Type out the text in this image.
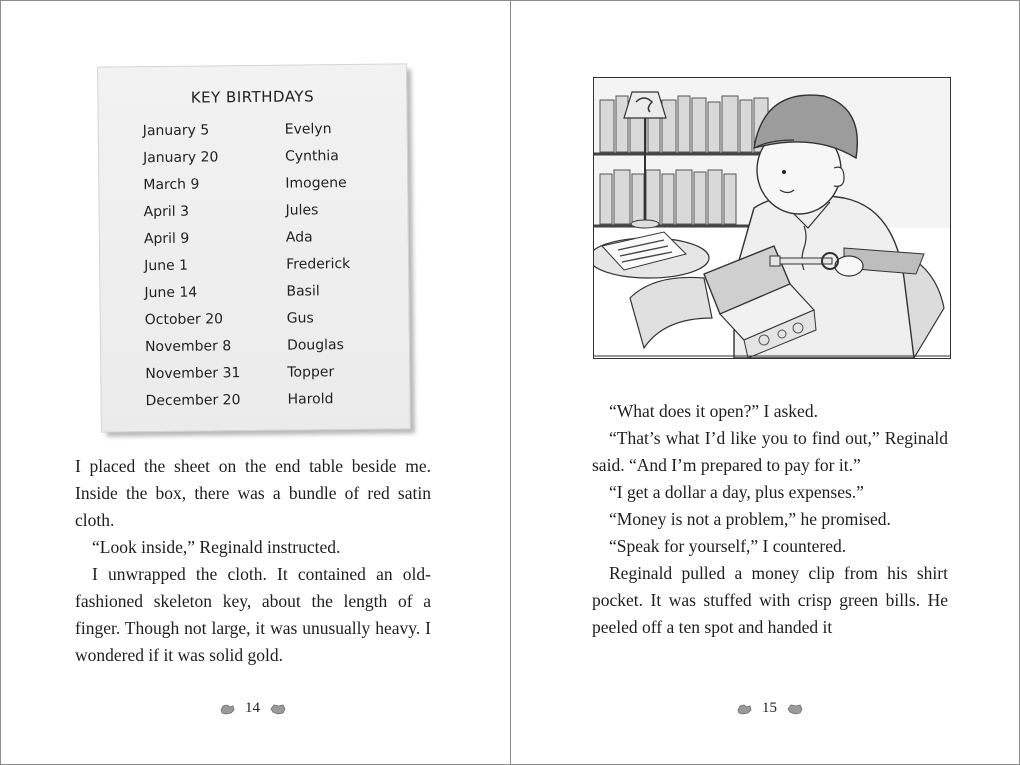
KEY BIRTHDAYS
January 5	Evelyn
January 20	Cynthia
March 9	Imogene
April 3	Jules
April 9	Ada
June 1	Frederick
June 14	Basil
October 20	Gus
November 8	Douglas
November 31	Topper
December 20	Harold

I placed the sheet on the end table beside me. Inside the box, there was a bundle of red satin cloth.

“Look inside,” Reginald instructed.

I unwrapped the cloth. It contained an old-fashioned skeleton key, about the length of a finger. Though not large, it was unusually heavy. I wondered if it was solid gold.

14

“What does it open?” I asked.

“That’s what I’d like you to find out,” Reginald said. “And I’m prepared to pay for it.”

“I get a dollar a day, plus expenses.”

“Money is not a problem,” he promised.

“Speak for yourself,” I countered.

Reginald pulled a money clip from his shirt pocket. It was stuffed with crisp green bills. He peeled off a ten spot and handed it

15
